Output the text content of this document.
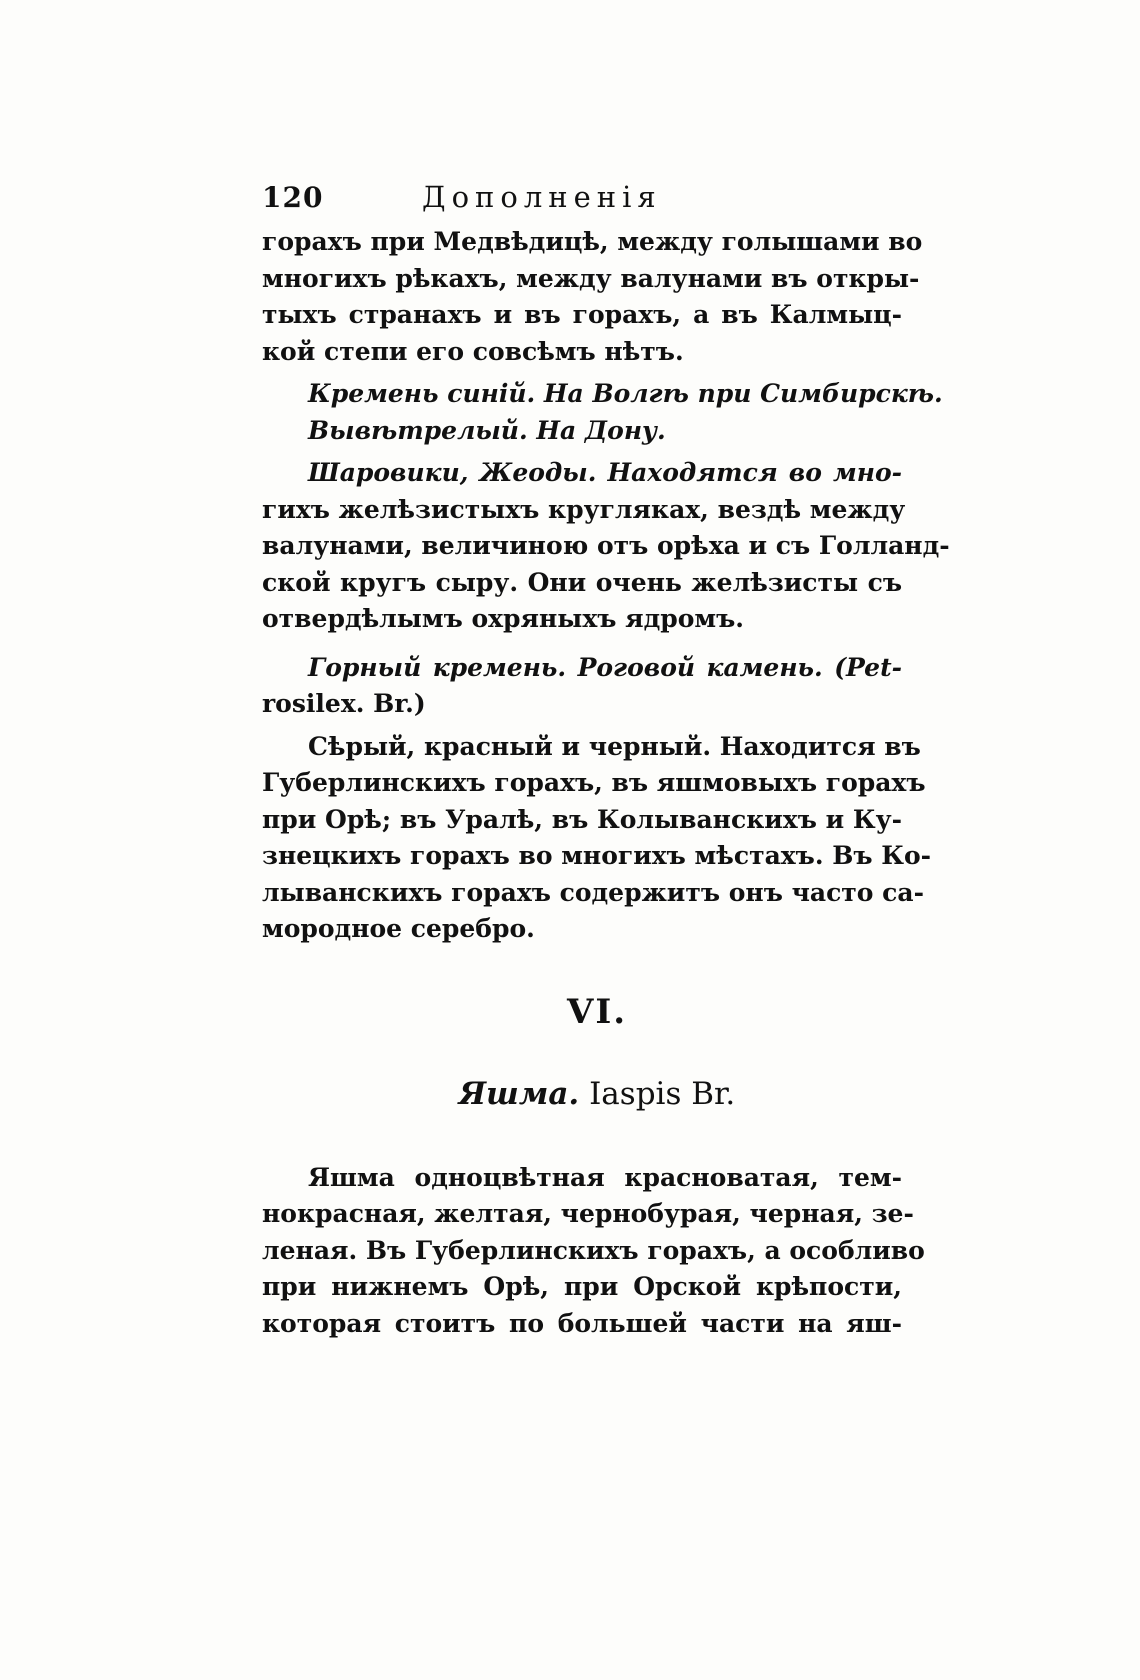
120	Дополненія
горахъ при Медвѣдицѣ, между голышами во
многихъ рѣкахъ, между валунами въ откры-
тыхъ странахъ и въ горахъ, а въ Калмыц-
кой степи его совсѣмъ нѣтъ.
Кремень синій. На Волгѣ при Симбирскѣ.
Вывѣтрелый. На Дону.
Шаровики, Жеоды. Находятся во мно-
гихъ желѣзистыхъ кругляках, вездѣ между
валунами, величиною отъ орѣха и съ Голланд-
ской кругъ сыру. Они очень желѣзисты съ
отвердѣлымъ охряныхъ ядромъ.
Горный кремень. Роговой камень. (Pet-
rosilex. Br.)
Сѣрый, красный и черный. Находится въ
Губерлинскихъ горахъ, въ яшмовыхъ горахъ
при Орѣ; въ Уралѣ, въ Колыванскихъ и Ку-
знецкихъ горахъ во многихъ мѣстахъ. Въ Ко-
лыванскихъ горахъ содержитъ онъ часто са-
мородное серебро.
VI.
Яшма. Iaspis Br.
Яшма одноцвѣтная красноватая, тем-
нокрасная, желтая, чернобурая, черная, зе-
леная. Въ Губерлинскихъ горахъ, а особливо
при нижнемъ Орѣ, при Орской крѣпости,
которая стоитъ по большей части на яш-
